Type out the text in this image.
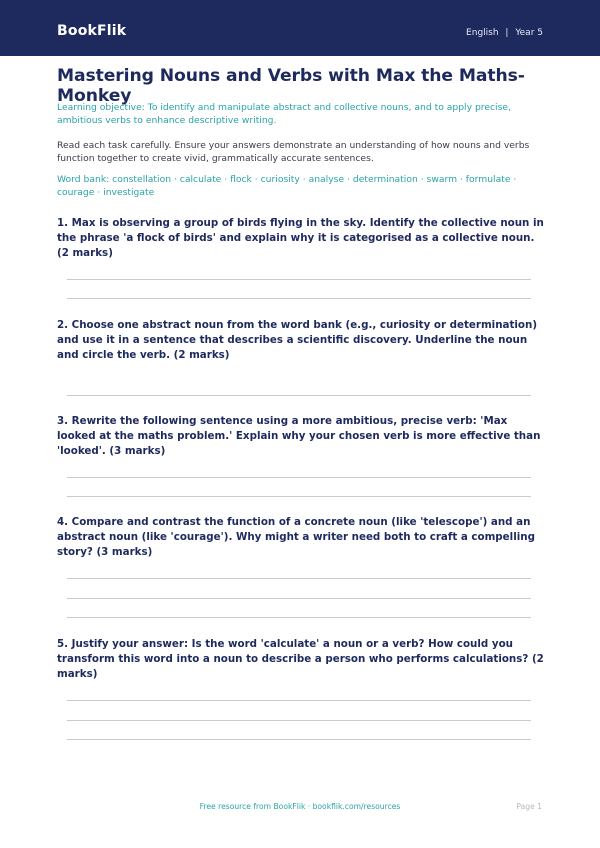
BookFlik	English | Year 5
Mastering Nouns and Verbs with Max the Maths-Monkey

Learning objective: To identify and manipulate abstract and collective nouns, and to apply precise, ambitious verbs to enhance descriptive writing.

Read each task carefully. Ensure your answers demonstrate an understanding of how nouns and verbs function together to create vivid, grammatically accurate sentences.

Word bank: constellation · calculate · flock · curiosity · analyse · determination · swarm · formulate · courage · investigate

1. Max is observing a group of birds flying in the sky. Identify the collective noun in the phrase 'a flock of birds' and explain why it is categorised as a collective noun. (2 marks)

2. Choose one abstract noun from the word bank (e.g., curiosity or determination) and use it in a sentence that describes a scientific discovery. Underline the noun and circle the verb. (2 marks)

3. Rewrite the following sentence using a more ambitious, precise verb: 'Max looked at the maths problem.' Explain why your chosen verb is more effective than 'looked'. (3 marks)

4. Compare and contrast the function of a concrete noun (like 'telescope') and an abstract noun (like 'courage'). Why might a writer need both to craft a compelling story? (3 marks)

5. Justify your answer: Is the word 'calculate' a noun or a verb? How could you transform this word into a noun to describe a person who performs calculations? (2 marks)

Free resource from BookFlik · bookflik.com/resources	Page 1
